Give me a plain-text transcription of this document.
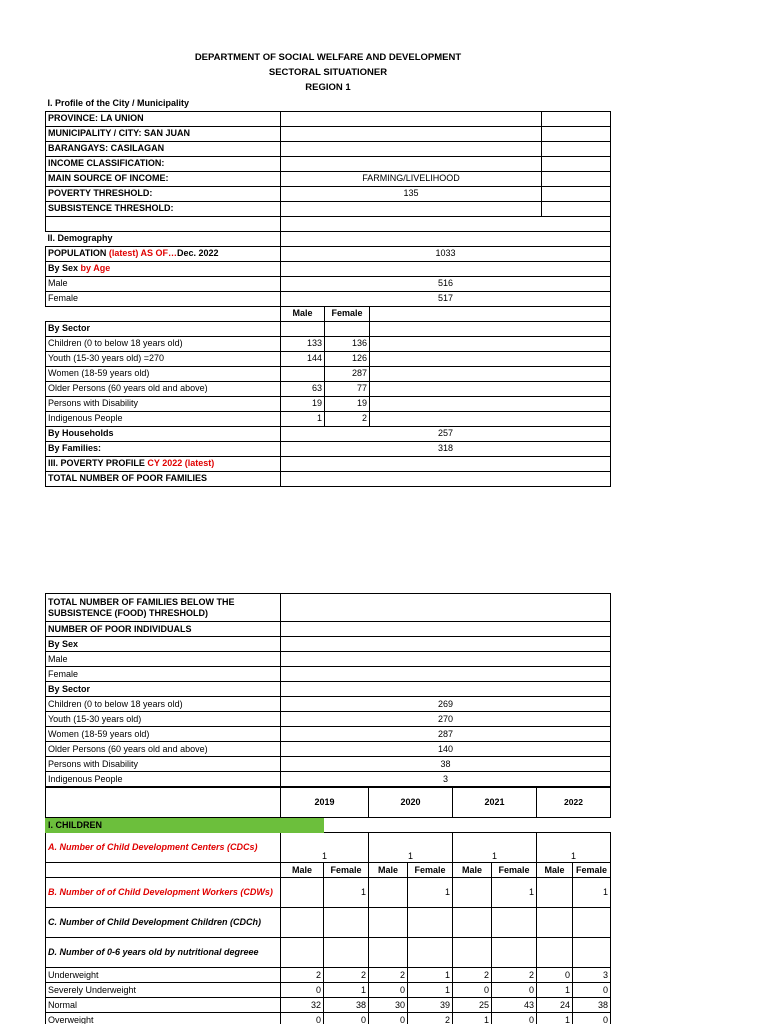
DEPARTMENT OF SOCIAL WELFARE AND DEVELOPMENT
SECTORAL SITUATIONER
REGION 1
I. Profile of the City / Municipality				
PROVINCE: LA UNION				
MUNICIPALITY / CITY: SAN JUAN				
BARANGAYS: CASILAGAN				
INCOME CLASSIFICATION:				
MAIN SOURCE OF INCOME:	FARMING/LIVELIHOOD			
POVERTY THRESHOLD:	135			
SUBSISTENCE THRESHOLD:				

II. Demography				
POPULATION (latest) AS OF…Dec. 2022	1033			
By Sex by Age				
Male	516			
Female	517			
	Male	Female		
By Sector				
Children (0 to below 18 years old)	133	136		
Youth (15-30 years old) =270	144	126		
Women (18-59 years old)		287		
Older Persons (60 years old and above)	63	77		
Persons with Disability	19	19		
Indigenous People	1	2		
By Households	257			
By Families:	318			
III. POVERTY PROFILE CY 2022 (latest)				
TOTAL NUMBER OF POOR FAMILIES				
TOTAL NUMBER OF FAMILIES BELOW THE SUBSISTENCE (FOOD) THRESHOLD)	
NUMBER OF POOR INDIVIDUALS	
By Sex	
Male	
Female	
By Sector	
Children (0 to below 18 years old)	269
Youth (15-30 years old)	270
Women (18-59 years old)	287
Older Persons (60 years old and above)	140
Persons with Disability	38
Indigenous People	3
	2019		2020		2021		2022	
I. CHILDREN								
A. Number of Child Development Centers (CDCs)	1		1		1		1	
	Male	Female	Male	Female	Male	Female	Male	Female
B. Number of of Child Development Workers (CDWs)		1		1		1		1
C. Number of Child Development Children (CDCh)								
D. Number of 0-6 years old by nutritional degreee								
Underweight	2	2	2	1	2	2	0	3
Severely Underweight	0	1	0	1	0	0	1	0
Normal	32	38	30	39	25	43	24	38
Overweight	0	0	0	2	1	0	1	0
